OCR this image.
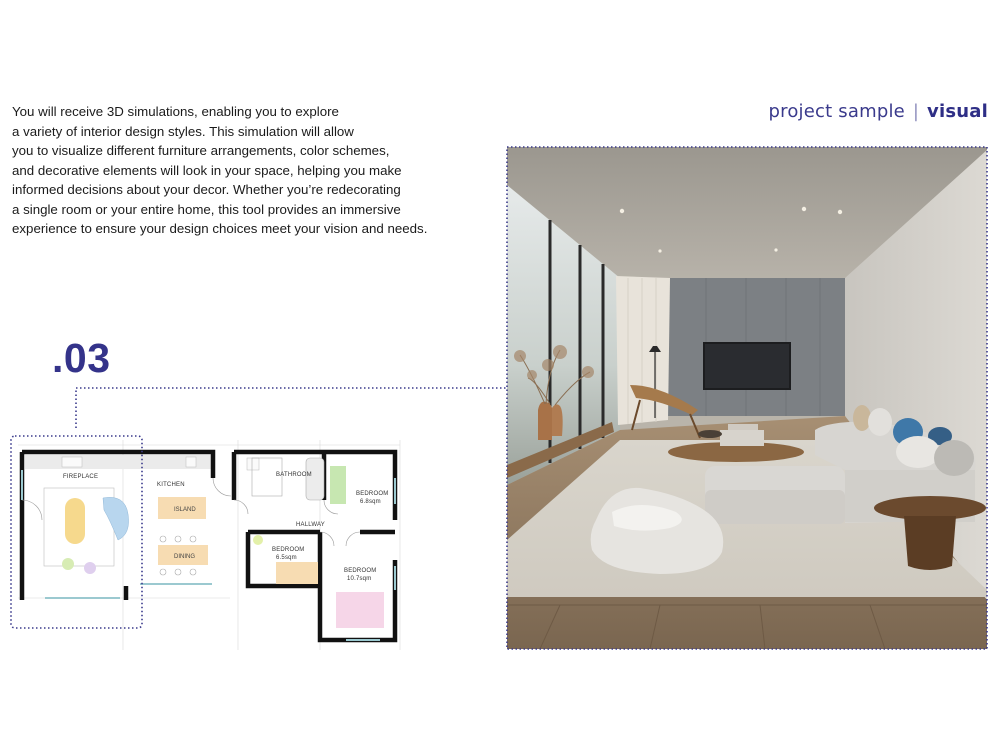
project sample | visual
You will receive 3D simulations, enabling you to explore
a variety of interior design styles. This simulation will allow
you to visualize different furniture arrangements, color schemes,
and decorative elements will look in your space, helping you make
informed decisions about your decor. Whether you’re redecorating
a single room or your entire home, this tool provides an immersive
experience to ensure your design choices meet your vision and needs.
.03
FIREPLACE
KITCHEN
ISLAND
DINING
BATHROOM
HALLWAY
BEDROOM
6.8sqm
BEDROOM
6.5sqm
BEDROOM
10.7sqm
